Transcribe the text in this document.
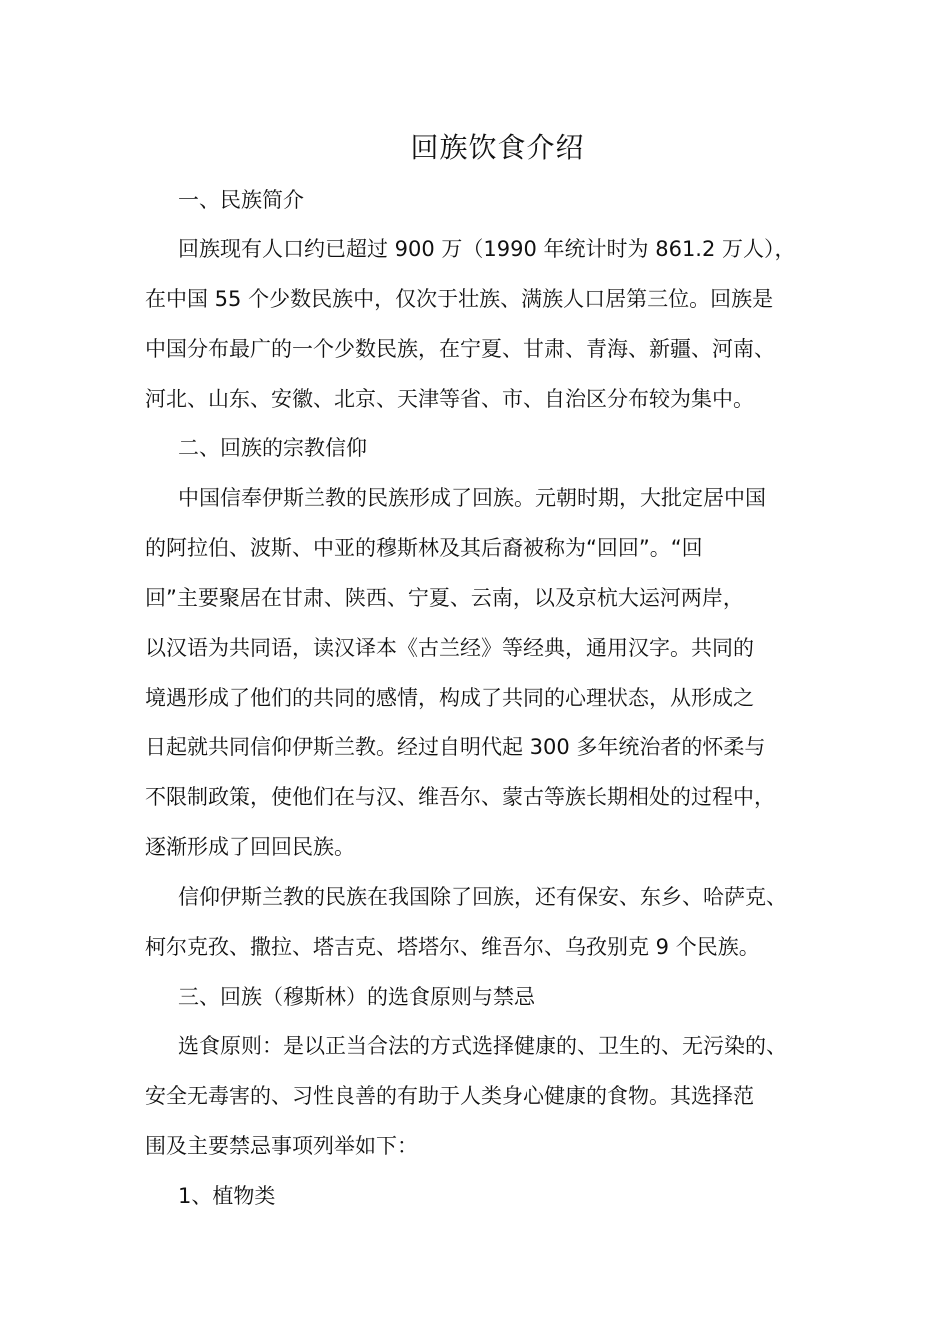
回族饮食介绍
一、民族简介
回族现有人口约已超过 900 万（1990 年统计时为 861.2 万人），
在中国 55 个少数民族中，仅次于壮族、满族人口居第三位。回族是
中国分布最广的一个少数民族，在宁夏、甘肃、青海、新疆、河南、
河北、山东、安徽、北京、天津等省、市、自治区分布较为集中。
二、回族的宗教信仰
中国信奉伊斯兰教的民族形成了回族。元朝时期，大批定居中国
的阿拉伯、波斯、中亚的穆斯林及其后裔被称为“回回”。“回
回”主要聚居在甘肃、陕西、宁夏、云南，以及京杭大运河两岸，
以汉语为共同语，读汉译本《古兰经》等经典，通用汉字。共同的
境遇形成了他们的共同的感情，构成了共同的心理状态，从形成之
日起就共同信仰伊斯兰教。经过自明代起 300 多年统治者的怀柔与
不限制政策，使他们在与汉、维吾尔、蒙古等族长期相处的过程中，
逐渐形成了回回民族。
信仰伊斯兰教的民族在我国除了回族，还有保安、东乡、哈萨克、
柯尔克孜、撒拉、塔吉克、塔塔尔、维吾尔、乌孜别克 9 个民族。
三、回族（穆斯林）的选食原则与禁忌
选食原则：是以正当合法的方式选择健康的、卫生的、无污染的、
安全无毒害的、习性良善的有助于人类身心健康的食物。其选择范
围及主要禁忌事项列举如下：
1、植物类
